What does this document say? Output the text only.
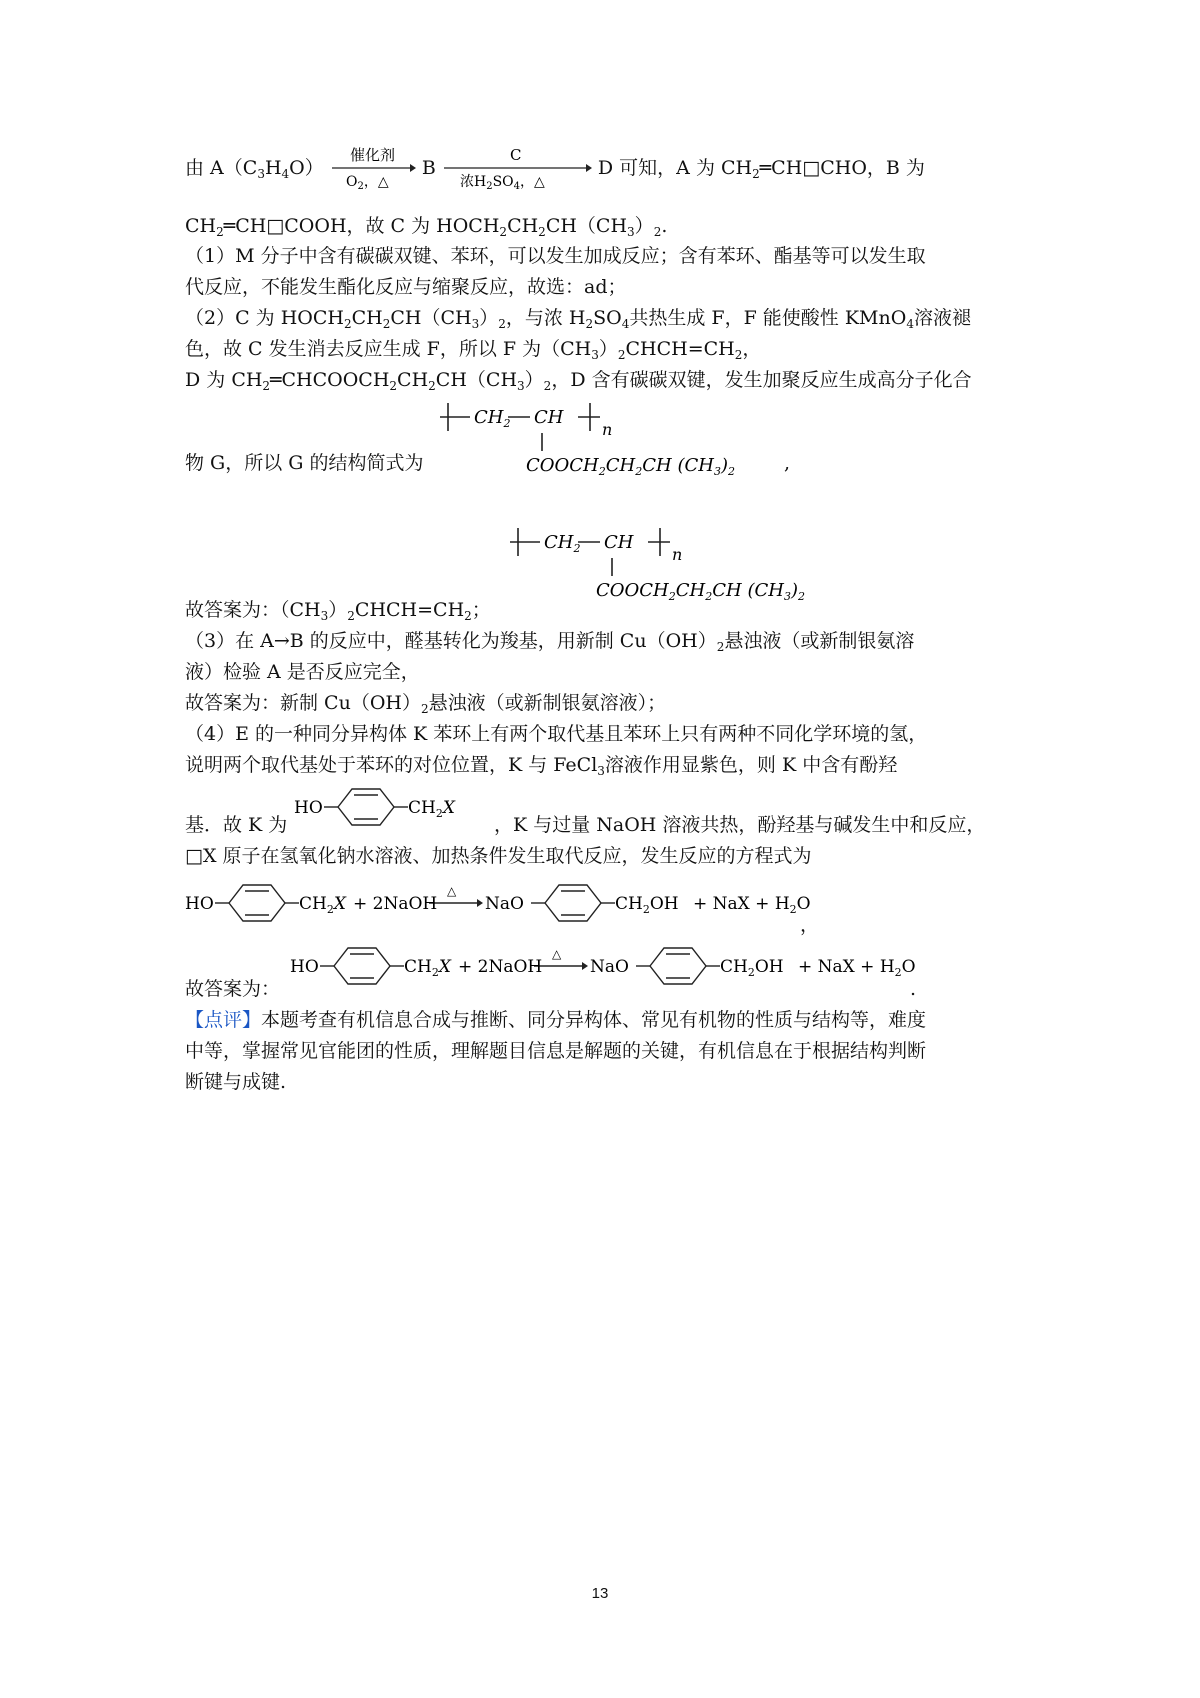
由 $A(C_3H_4O)$
催化剂
$O_2$，△
B
C
浓$H_2SO_4$，△
D 可知，A 为 $CH_2═CH□CHO$，B 为
$CH_2═CH□COOH$，故 C 为 $HOCH_2CH_2CH(CH_3)_2$.
（1）M 分子中含有碳碳双键、苯环，可以发生加成反应；含有苯环、酯基等可以发生取
代反应，不能发生酯化反应与缩聚反应，故选：ad；
（2）C 为 $HOCH_2CH_2CH(CH_3)_2$，与浓 $H_2SO_4$共热生成 F，F 能使酸性 KMnO$_4$溶液褪
色，故 C 发生消去反应生成 F，所以 F 为$(CH_3)_2CHCH=CH_2$，
D 为 $CH_2═CHCOOCH_2CH_2CH(CH_3)_2$，D 含有碳碳双键，发生加聚反应生成高分子化合
$CH_2$ CH
n
$COOCH_2CH_2CH$ $(CH_3)_2$
物 G，所以 G 的结构简式为	,
$CH_2$ CH
n
$COOCH_2CH_2CH$ $(CH_3)_2$
故答案为：$(CH_3)_2CHCH=CH_2$；
（3）在 A→B 的反应中，醛基转化为羧基，用新制 $Cu(OH)_2$悬浊液（或新制银氨溶
液）检验 A 是否反应完全，
故答案为：新制 $Cu(OH)_2$悬浊液（或新制银氨溶液）；
（4）E 的一种同分异构体 K 苯环上有两个取代基且苯环上只有两种不同化学环境的氢，
说明两个取代基处于苯环的对位位置，K 与 FeCl$_3$溶液作用显紫色，则 K 中含有酚羟
HO	$CH_2X$
基．故 K 为	，K 与过量 NaOH 溶液共热，酚羟基与碱发生中和反应，
□X 原子在氢氧化钠水溶液、加热条件发生取代反应，发生反应的方程式为
HO
△
$CH_2X$ + 2NaOH	NaO	$CH_2OH$ + NaX + $H_2O$
，
HO
△
$CH_2X$ + 2NaOH	NaO	$CH_2OH$ + NaX + $H_2O$
故答案为：	.
【点评】本题考查有机信息合成与推断、同分异构体、常见有机物的性质与结构等，难度
中等，掌握常见官能团的性质，理解题目信息是解题的关键，有机信息在于根据结构判断
断键与成键.
13
